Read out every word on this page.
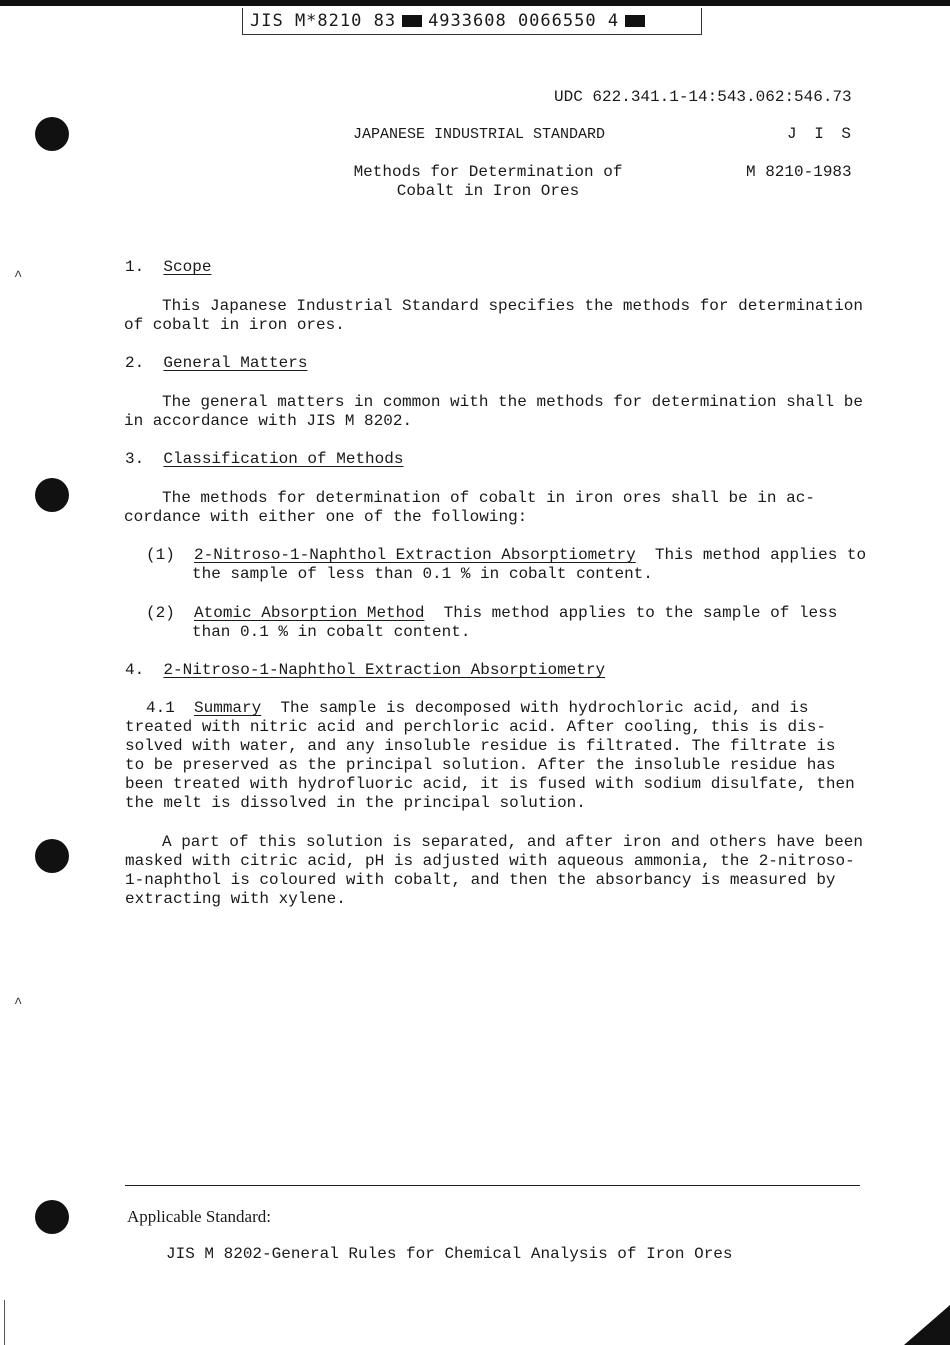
JIS M*8210 83 4933608 0066550 4
UDC 622.341.1-14:543.062:546.73
JAPANESE INDUSTRIAL STANDARD	J I S
Methods for Determination of
Cobalt in Iron Ores
M 8210-1983
1. Scope
This Japanese Industrial Standard specifies the methods for determination
of cobalt in iron ores.
2. General Matters
The general matters in common with the methods for determination shall be
in accordance with JIS M 8202.
3. Classification of Methods
The methods for determination of cobalt in iron ores shall be in ac-
cordance with either one of the following:
(1) 2-Nitroso-1-Naphthol Extraction Absorptiometry This method applies to
the sample of less than 0.1 % in cobalt content.
(2) Atomic Absorption Method This method applies to the sample of less
than 0.1 % in cobalt content.
4. 2-Nitroso-1-Naphthol Extraction Absorptiometry
4.1 Summary The sample is decomposed with hydrochloric acid, and is
treated with nitric acid and perchloric acid. After cooling, this is dis-
solved with water, and any insoluble residue is filtrated. The filtrate is
to be preserved as the principal solution. After the insoluble residue has
been treated with hydrofluoric acid, it is fused with sodium disulfate, then
the melt is dissolved in the principal solution.
A part of this solution is separated, and after iron and others have been
masked with citric acid, pH is adjusted with aqueous ammonia, the 2-nitroso-
1-naphthol is coloured with cobalt, and then the absorbancy is measured by
extracting with xylene.
Applicable Standard:
JIS M 8202-General Rules for Chemical Analysis of Iron Ores
^
^
